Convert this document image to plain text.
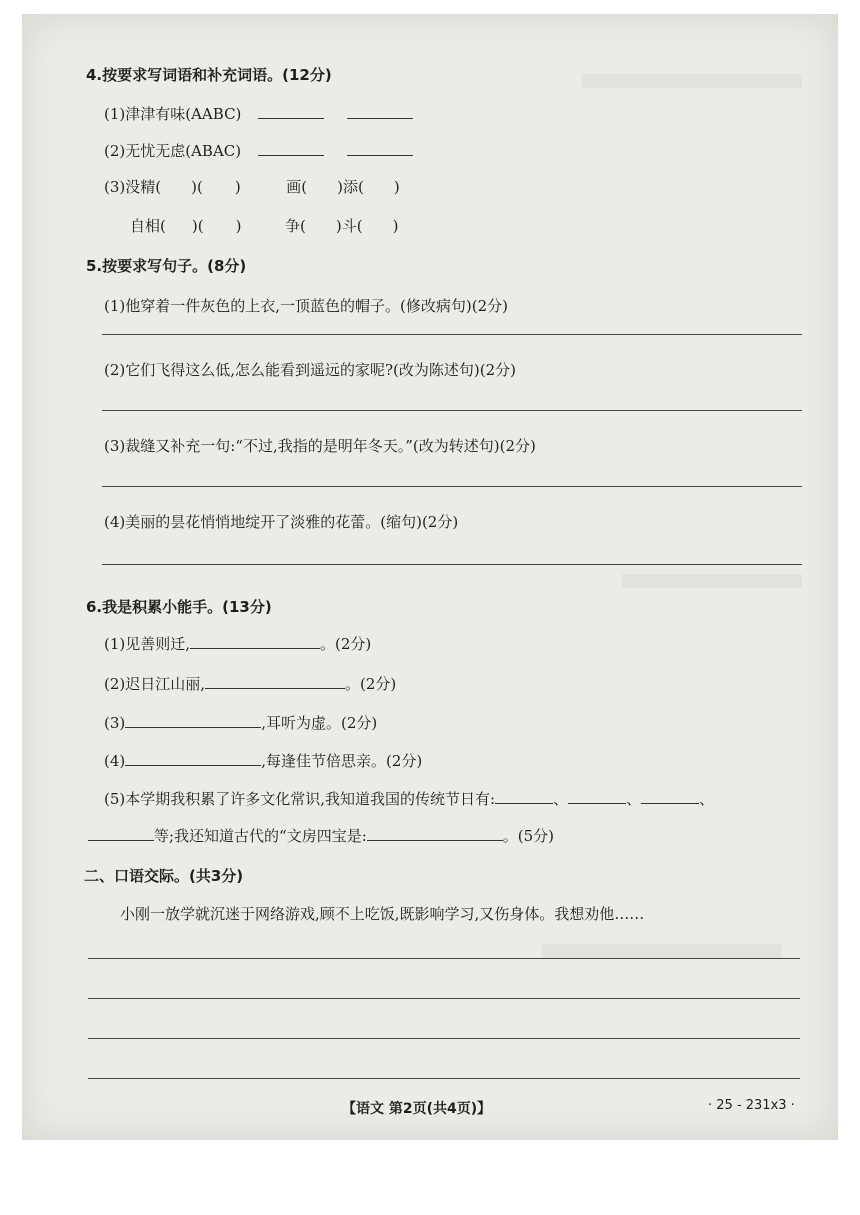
4.按要求写词语和补充词语。(12分)
(1)津津有味(AABC)
(2)无忧无虑(ABAC)
(3)没精( )( )	画( )添( )
自相( )( )	争( )斗( )
5.按要求写句子。(8分)
(1)他穿着一件灰色的上衣,一顶蓝色的帽子。(修改病句)(2分)
(2)它们飞得这么低,怎么能看到遥远的家呢?(改为陈述句)(2分)
(3)裁缝又补充一句:“不过,我指的是明年冬天。”(改为转述句)(2分)
(4)美丽的昙花悄悄地绽开了淡雅的花蕾。(缩句)(2分)
6.我是积累小能手。(13分)
(1)见善则迁,	。(2分)
(2)迟日江山丽,	。(2分)
(3)	,耳听为虚。(2分)
(4)	,每逢佳节倍思亲。(2分)
(5)本学期我积累了许多文化常识,我知道我国的传统节日有:	、	、	、
等;我还知道古代的“文房四宝是:	。(5分)
二、口语交际。(共3分)
小刚一放学就沉迷于网络游戏,顾不上吃饭,既影响学习,又伤身体。我想劝他……
【语文 第2页(共4页)】	· 25 - 231x3 ·
